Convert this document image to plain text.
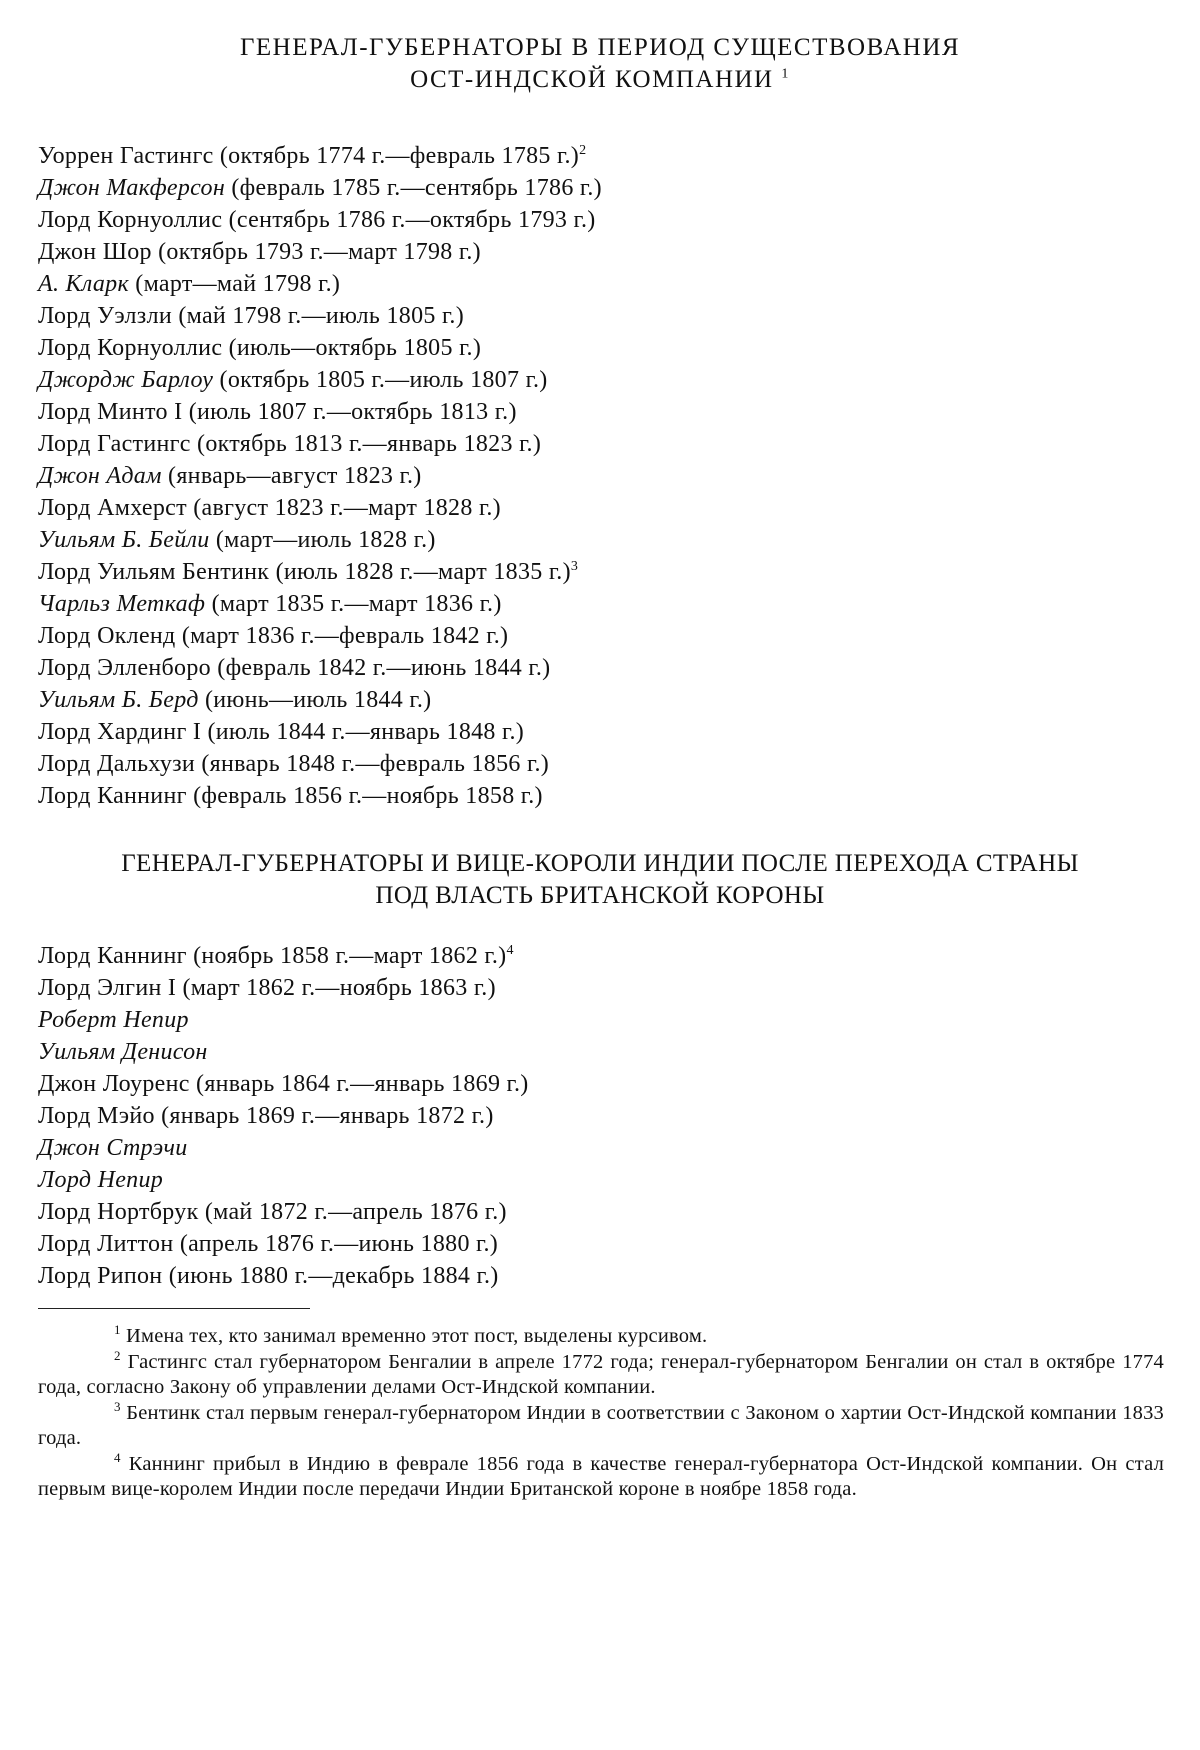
ГЕНЕРАЛ-ГУБЕРНАТОРЫ В ПЕРИОД СУЩЕСТВОВАНИЯ
ОСТ-ИНДСКОЙ КОМПАНИИ $^1$
Уоррен Гастингс (октябрь 1774 г.—февраль 1785 г.)$^2$
Джон Макферсон (февраль 1785 г.—сентябрь 1786 г.)
Лорд Корнуоллис (сентябрь 1786 г.—октябрь 1793 г.)
Джон Шор (октябрь 1793 г.—март 1798 г.)
А. Кларк (март—май 1798 г.)
Лорд Уэлзли (май 1798 г.—июль 1805 г.)
Лорд Корнуоллис (июль—октябрь 1805 г.)
Джордж Барлоу (октябрь 1805 г.—июль 1807 г.)
Лорд Минто I (июль 1807 г.—октябрь 1813 г.)
Лорд Гастингс (октябрь 1813 г.—январь 1823 г.)
Джон Адам (январь—август 1823 г.)
Лорд Амхерст (август 1823 г.—март 1828 г.)
Уильям Б. Бейли (март—июль 1828 г.)
Лорд Уильям Бентинк (июль 1828 г.—март 1835 г.)$^3$
Чарльз Меткаф (март 1835 г.—март 1836 г.)
Лорд Окленд (март 1836 г.—февраль 1842 г.)
Лорд Элленборо (февраль 1842 г.—июнь 1844 г.)
Уильям Б. Берд (июнь—июль 1844 г.)
Лорд Хардинг I (июль 1844 г.—январь 1848 г.)
Лорд Дальхузи (январь 1848 г.—февраль 1856 г.)
Лорд Каннинг (февраль 1856 г.—ноябрь 1858 г.)
ГЕНЕРАЛ-ГУБЕРНАТОРЫ И ВИЦЕ-КОРОЛИ ИНДИИ ПОСЛЕ ПЕРЕХОДА СТРАНЫ
ПОД ВЛАСТЬ БРИТАНСКОЙ КОРОНЫ
Лорд Каннинг (ноябрь 1858 г.—март 1862 г.)$^4$
Лорд Элгин I (март 1862 г.—ноябрь 1863 г.)
Роберт Непир
Уильям Денисон
Джон Лоуренс (январь 1864 г.—январь 1869 г.)
Лорд Мэйо (январь 1869 г.—январь 1872 г.)
Джон Стрэчи
Лорд Непир
Лорд Нортбрук (май 1872 г.—апрель 1876 г.)
Лорд Литтон (апрель 1876 г.—июнь 1880 г.)
Лорд Рипон (июнь 1880 г.—декабрь 1884 г.)

$^1$ Имена тех, кто занимал временно этот пост, выделены курсивом.

$^2$ Гастингс стал губернатором Бенгалии в апреле 1772 года; генерал-губернатором Бенгалии он стал в октябре 1774 года, согласно Закону об управлении делами Ост-Индской компании.

$^3$ Бентинк стал первым генерал-губернатором Индии в соответствии с Законом о хартии Ост-Индской компании 1833 года.

$^4$ Каннинг прибыл в Индию в феврале 1856 года в качестве генерал-губернатора Ост-Индской компании. Он стал первым вице-королем Индии после передачи Индии Британской короне в ноябре 1858 года.
